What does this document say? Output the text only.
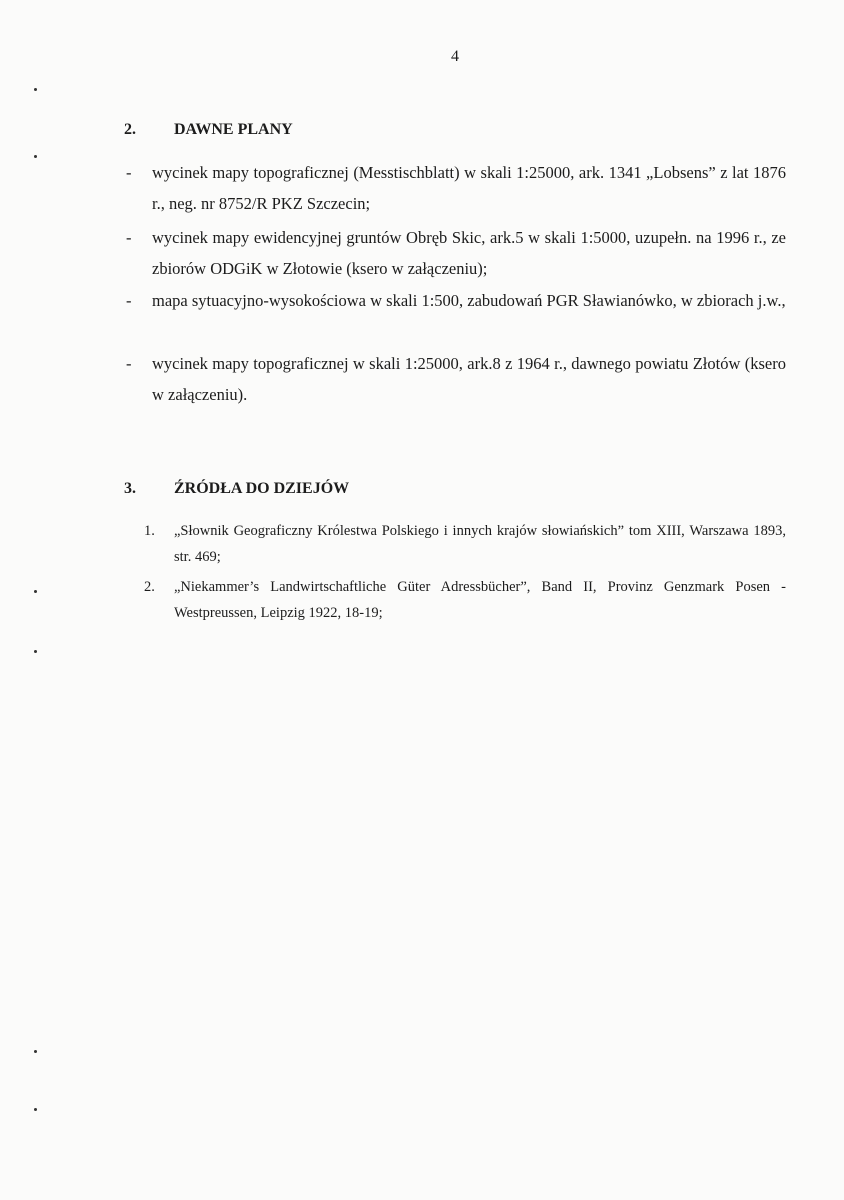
4
2. DAWNE PLANY
-	wycinek mapy topograficznej (Messtischblatt) w skali 1:25000, ark. 1341 „Lobsens” z lat 1876 r., neg. nr 8752/R PKZ Szczecin;
-	wycinek mapy ewidencyjnej gruntów Obręb Skic, ark.5 w skali 1:5000, uzupełn. na 1996 r., ze zbiorów ODGiK w Złotowie (ksero w załączeniu);
-	mapa sytuacyjno-wysokościowa w skali 1:500, zabudowań PGR Sławianówko, w zbiorach j.w.,
-	wycinek mapy topograficznej w skali 1:25000, ark.8 z 1964 r., dawnego powiatu Złotów (ksero w załączeniu).
3. ŹRÓDŁA DO DZIEJÓW
1. „Słownik Geograficzny Królestwa Polskiego i innych krajów słowiańskich” tom XIII, Warszawa 1893, str. 469;
2. „Niekammer’s Landwirtschaftliche Güter Adressbücher”, Band II, Provinz Genzmark Posen - Westpreussen, Leipzig 1922, 18-19;
